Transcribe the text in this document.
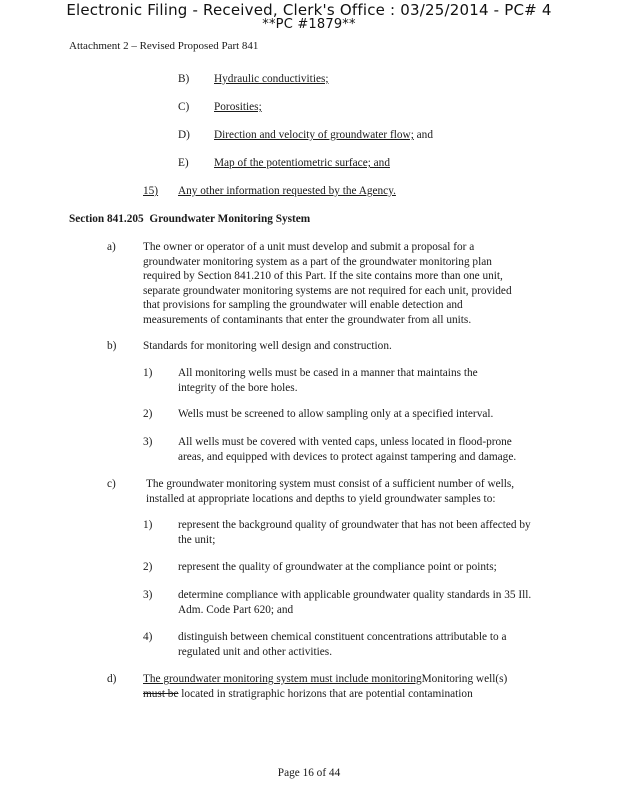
Electronic Filing - Received, Clerk's Office : 03/25/2014 - PC# 4
**PC #1879**
Attachment 2 – Revised Proposed Part 841
B) Hydraulic conductivities;
C) Porosities;
D) Direction and velocity of groundwater flow; and
E) Map of the potentiometric surface; and
15) Any other information requested by the Agency.
Section 841.205 Groundwater Monitoring System
a) The owner or operator of a unit must develop and submit a proposal for a groundwater monitoring system as a part of the groundwater monitoring plan required by Section 841.210 of this Part. If the site contains more than one unit, separate groundwater monitoring systems are not required for each unit, provided that provisions for sampling the groundwater will enable detection and measurements of contaminants that enter the groundwater from all units.
b) Standards for monitoring well design and construction.
1) All monitoring wells must be cased in a manner that maintains the integrity of the bore holes.
2) Wells must be screened to allow sampling only at a specified interval.
3) All wells must be covered with vented caps, unless located in flood-prone areas, and equipped with devices to protect against tampering and damage.
c)	The groundwater monitoring system must consist of a sufficient number of wells, installed at appropriate locations and depths to yield groundwater samples to:
1) represent the background quality of groundwater that has not been affected by the unit;
2) represent the quality of groundwater at the compliance point or points;
3) determine compliance with applicable groundwater quality standards in 35 Ill. Adm. Code Part 620; and
4) distinguish between chemical constituent concentrations attributable to a regulated unit and other activities.
d) The groundwater monitoring system must include monitoringMonitoring well(s)
must be located in stratigraphic horizons that are potential contamination
Page 16 of 44
